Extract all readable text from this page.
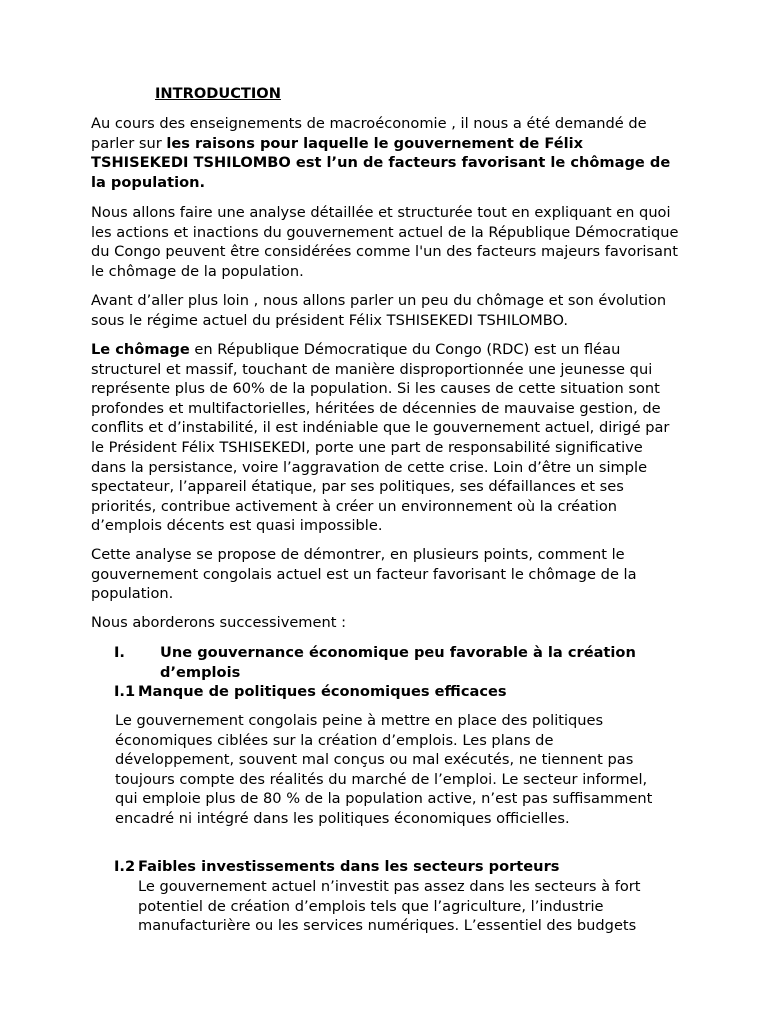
INTRODUCTION

Au cours des enseignements de macroéconomie , il nous a été demandé de parler sur les raisons pour laquelle le gouvernement de Félix TSHISEKEDI TSHILOMBO est l’un de facteurs favorisant le chômage de la population.

Nous allons faire une analyse détaillée et structurée tout en expliquant en quoi les actions et inactions du gouvernement actuel de la République Démocratique du Congo peuvent être considérées comme l'un des facteurs majeurs favorisant le chômage de la population.

Avant d’aller plus loin , nous allons parler un peu du chômage et son évolution sous le régime actuel du président Félix TSHISEKEDI TSHILOMBO.

Le chômage en République Démocratique du Congo (RDC) est un fléau structurel et massif, touchant de manière disproportionnée une jeunesse qui représente plus de 60% de la population. Si les causes de cette situation sont profondes et multifactorielles, héritées de décennies de mauvaise gestion, de conflits et d’instabilité, il est indéniable que le gouvernement actuel, dirigé par le Président Félix TSHISEKEDI, porte une part de responsabilité significative dans la persistance, voire l’aggravation de cette crise. Loin d’être un simple spectateur, l’appareil étatique, par ses politiques, ses défaillances et ses priorités, contribue activement à créer un environnement où la création d’emplois décents est quasi impossible.

Cette analyse se propose de démontrer, en plusieurs points, comment le gouvernement congolais actuel est un facteur favorisant le chômage de la population.

Nous aborderons successivement :

I. Une gouvernance économique peu favorable à la création d’emplois
I.1 Manque de politiques économiques efficaces

Le gouvernement congolais peine à mettre en place des politiques économiques ciblées sur la création d’emplois. Les plans de développement, souvent mal conçus ou mal exécutés, ne tiennent pas toujours compte des réalités du marché de l’emploi. Le secteur informel, qui emploie plus de 80 % de la population active, n’est pas suffisamment encadré ni intégré dans les politiques économiques officielles.

I.2 Faibles investissements dans les secteurs porteurs

Le gouvernement actuel n’investit pas assez dans les secteurs à fort potentiel de création d’emplois tels que l’agriculture, l’industrie manufacturière ou les services numériques. L’essentiel des budgets
